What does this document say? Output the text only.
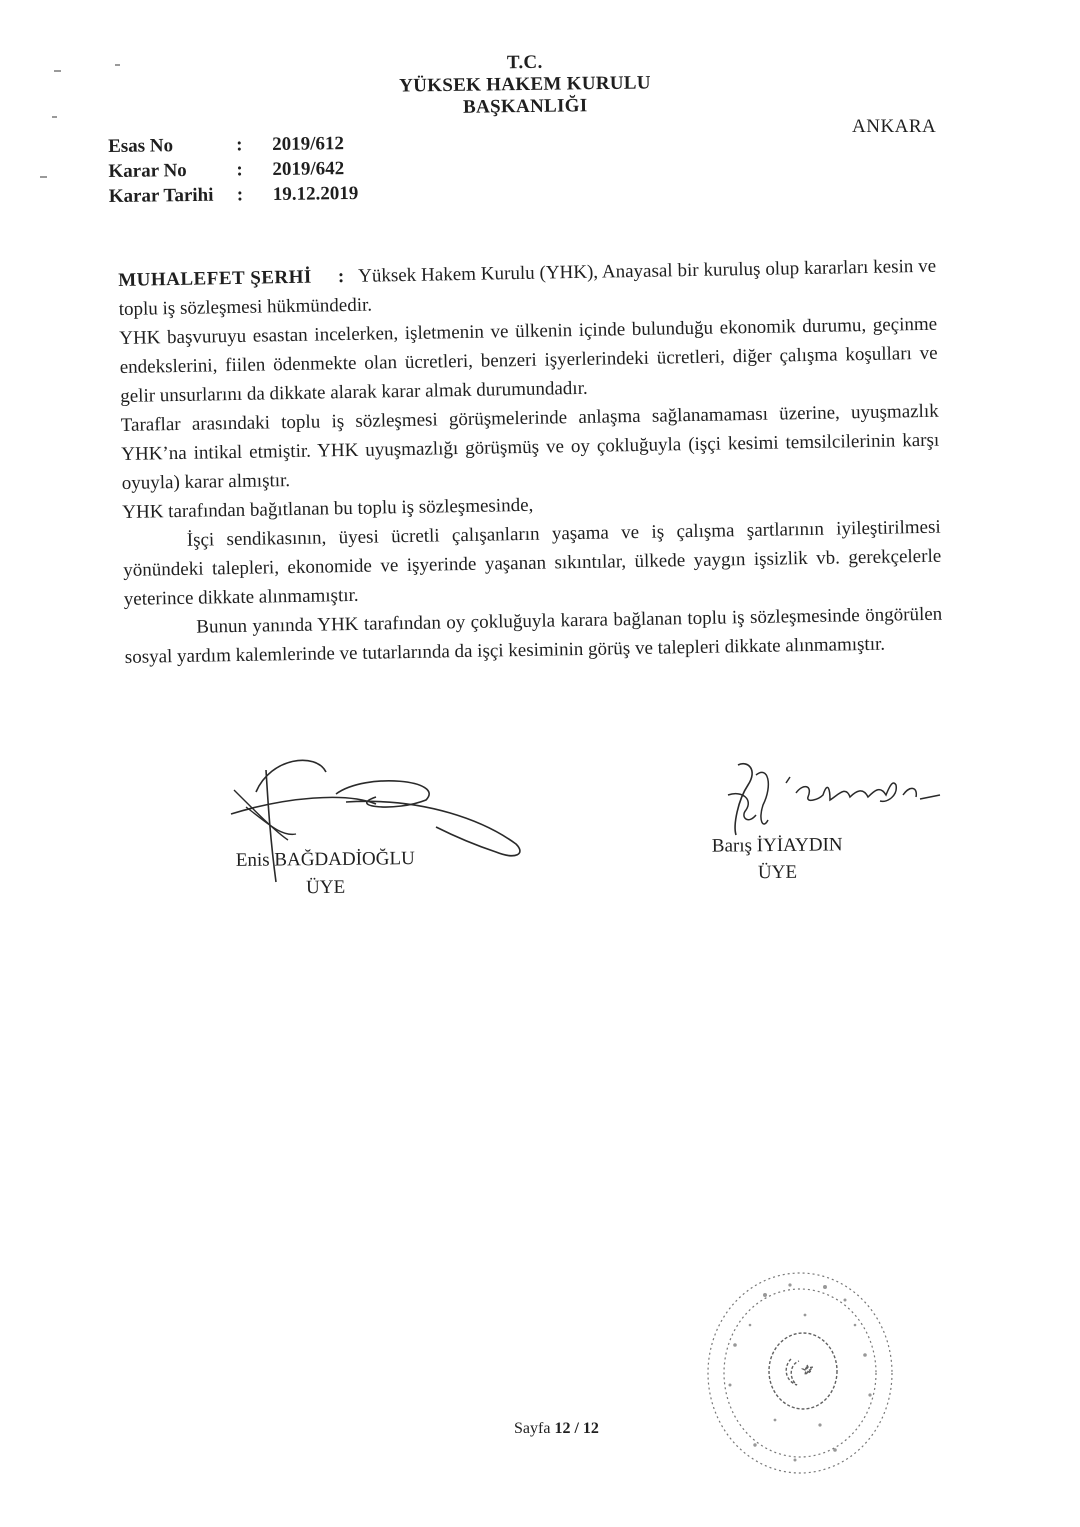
T.C.
YÜKSEK HAKEM KURULU
BAŞKANLIĞI
ANKARA
Esas No	:	2019/612
Karar No	:	2019/642
Karar Tarihi	:	19.12.2019

MUHALEFET ŞERHİ : Yüksek Hakem Kurulu (YHK), Anayasal bir kuruluş olup kararları kesin ve toplu iş sözleşmesi hükmündedir.

YHK başvuruyu esastan incelerken, işletmenin ve ülkenin içinde bulunduğu ekonomik durumu, geçinme endekslerini, fiilen ödenmekte olan ücretleri, benzeri işyerlerindeki ücretleri, diğer çalışma koşulları ve gelir unsurlarını da dikkate alarak karar almak durumundadır.

Taraflar arasındaki toplu iş sözleşmesi görüşmelerinde anlaşma sağlanamaması üzerine, uyuşmazlık YHK’na intikal etmiştir. YHK uyuşmazlığı görüşmüş ve oy çokluğuyla (işçi kesimi temsilcilerinin karşı oyuyla) karar almıştır.

YHK tarafından bağıtlanan bu toplu iş sözleşmesinde,

İşçi sendikasının, üyesi ücretli çalışanların yaşama ve iş çalışma şartlarının iyileştirilmesi yönündeki talepleri, ekonomide ve işyerinde yaşanan sıkıntılar, ülkede yaygın işsizlik vb. gerekçelerle yeterince dikkate alınmamıştır.

Bunun yanında YHK tarafından oy çokluğuyla karara bağlanan toplu iş sözleşmesinde öngörülen sosyal yardım kalemlerinde ve tutarlarında da işçi kesiminin görüş ve talepleri dikkate alınmamıştır.

Enis BAĞDADİOĞLU
ÜYE
Barış İYİAYDIN
ÜYE
Sayfa 12 / 12
